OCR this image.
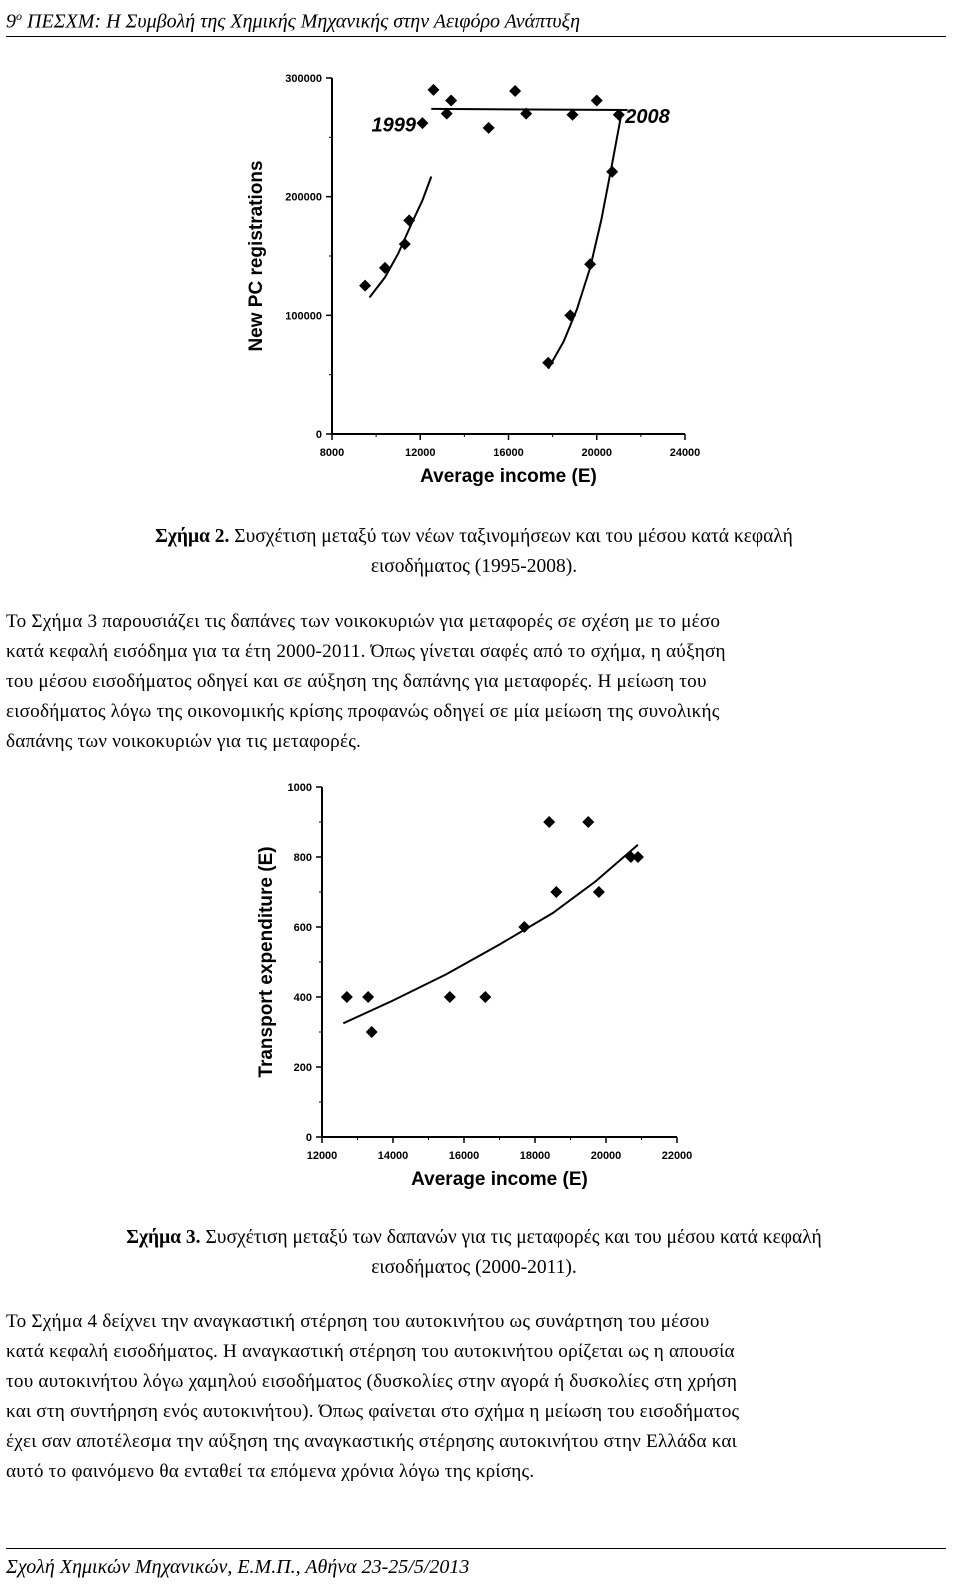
$9^o$ ΠΕΣΧΜ: Η Συμβολή της Χημικής Μηχανικής στην Αειφόρο Ανάπτυξη
8000	12000	16000	20000	24000
0
100000
200000
300000
Average income (E)
New PC registrations
1999	2008
Σχήμα 2. Συσχέτιση μεταξύ των νέων ταξινομήσεων και του μέσου κατά κεφαλή
εισοδήματος (1995-2008).
Το Σχήμα 3 παρουσιάζει τις δαπάνες των νοικοκυριών για μεταφορές σε σχέση με το μέσο
κατά κεφαλή εισόδημα για τα έτη 2000-2011. Όπως γίνεται σαφές από το σχήμα, η αύξηση
του μέσου εισοδήματος οδηγεί και σε αύξηση της δαπάνης για μεταφορές. Η μείωση του
εισοδήματος λόγω της οικονομικής κρίσης προφανώς οδηγεί σε μία μείωση της συνολικής
δαπάνης των νοικοκυριών για τις μεταφορές.
12000	14000	16000	18000	20000	22000
0
200
400
600
800
1000
Average income (E)
Transport expenditure (E)
Σχήμα 3. Συσχέτιση μεταξύ των δαπανών για τις μεταφορές και του μέσου κατά κεφαλή
εισοδήματος (2000-2011).
Το Σχήμα 4 δείχνει την αναγκαστική στέρηση του αυτοκινήτου ως συνάρτηση του μέσου
κατά κεφαλή εισοδήματος. Η αναγκαστική στέρηση του αυτοκινήτου ορίζεται ως η απουσία
του αυτοκινήτου λόγω χαμηλού εισοδήματος (δυσκολίες στην αγορά ή δυσκολίες στη χρήση
και στη συντήρηση ενός αυτοκινήτου). Όπως φαίνεται στο σχήμα η μείωση του εισοδήματος
έχει σαν αποτέλεσμα την αύξηση της αναγκαστικής στέρησης αυτοκινήτου στην Ελλάδα και
αυτό το φαινόμενο θα ενταθεί τα επόμενα χρόνια λόγω της κρίσης.
Σχολή Χημικών Μηχανικών, Ε.Μ.Π., Αθήνα 23-25/5/2013
